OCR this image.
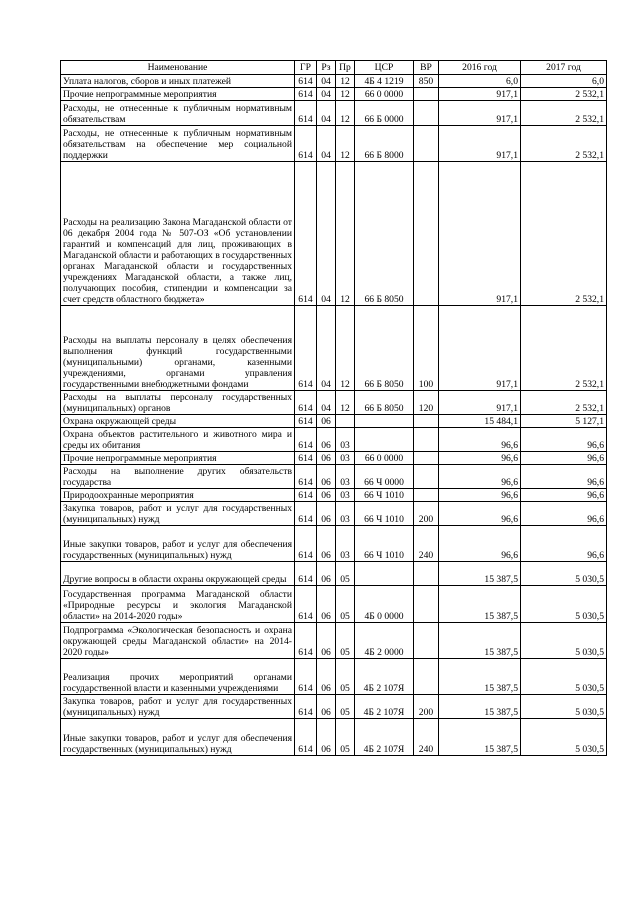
Наименование	ГР	Рз	Пр	ЦСР	ВР	2016 год	2017 год
Уплата налогов, сборов и иных платежей	614	04	12	4Б 4 1219	850	6,0	6,0
Прочие непрограммные мероприятия	614	04	12	66 0 0000		917,1	2 532,1
Расходы, не отнесенные к публичным нормативным обязательствам	614	04	12	66 Б 0000		917,1	2 532,1
Расходы, не отнесенные к публичным нормативным обязательствам на обеспечение мер социальной поддержки	614	04	12	66 Б 8000		917,1	2 532,1
Расходы на реализацию Закона Магаданской области от 06 декабря 2004 года № 507-ОЗ «Об установлении гарантий и компенсаций для лиц, проживающих в Магаданской области и работающих в государственных органах Магаданской области и государственных учреждениях Магаданской области, а также лиц, получающих пособия, стипендии и компенсации за счет средств областного бюджета»	614	04	12	66 Б 8050		917,1	2 532,1
Расходы на выплаты персоналу в целях обеспечения выполнения функций государственными (муниципальными) органами, казенными учреждениями, органами управления государственными внебюджетными фондами	614	04	12	66 Б 8050	100	917,1	2 532,1
Расходы на выплаты персоналу государственных (муниципальных) органов	614	04	12	66 Б 8050	120	917,1	2 532,1
Охрана окружающей среды	614	06				15 484,1	5 127,1
Охрана объектов растительного и животного мира и среды их обитания	614	06	03			96,6	96,6
Прочие непрограммные мероприятия	614	06	03	66 0 0000		96,6	96,6
Расходы на выполнение других обязательств государства	614	06	03	66 Ч 0000		96,6	96,6
Природоохранные мероприятия	614	06	03	66 Ч 1010		96,6	96,6
Закупка товаров, работ и услуг для государственных (муниципальных) нужд	614	06	03	66 Ч 1010	200	96,6	96,6
Иные закупки товаров, работ и услуг для обеспечения государственных (муниципальных) нужд	614	06	03	66 Ч 1010	240	96,6	96,6
Другие вопросы в области охраны окружающей среды	614	06	05			15 387,5	5 030,5
Государственная программа Магаданской области «Природные ресурсы и экология Магаданской области» на 2014-2020 годы»	614	06	05	4Б 0 0000		15 387,5	5 030,5
Подпрограмма «Экологическая безопасность и охрана окружающей среды Магаданской области» на 2014-2020 годы»	614	06	05	4Б 2 0000		15 387,5	5 030,5
Реализация прочих мероприятий органами государственной власти и казенными учреждениями	614	06	05	4Б 2 107Я		15 387,5	5 030,5
Закупка товаров, работ и услуг для государственных (муниципальных) нужд	614	06	05	4Б 2 107Я	200	15 387,5	5 030,5
Иные закупки товаров, работ и услуг для обеспечения государственных (муниципальных) нужд	614	06	05	4Б 2 107Я	240	15 387,5	5 030,5
